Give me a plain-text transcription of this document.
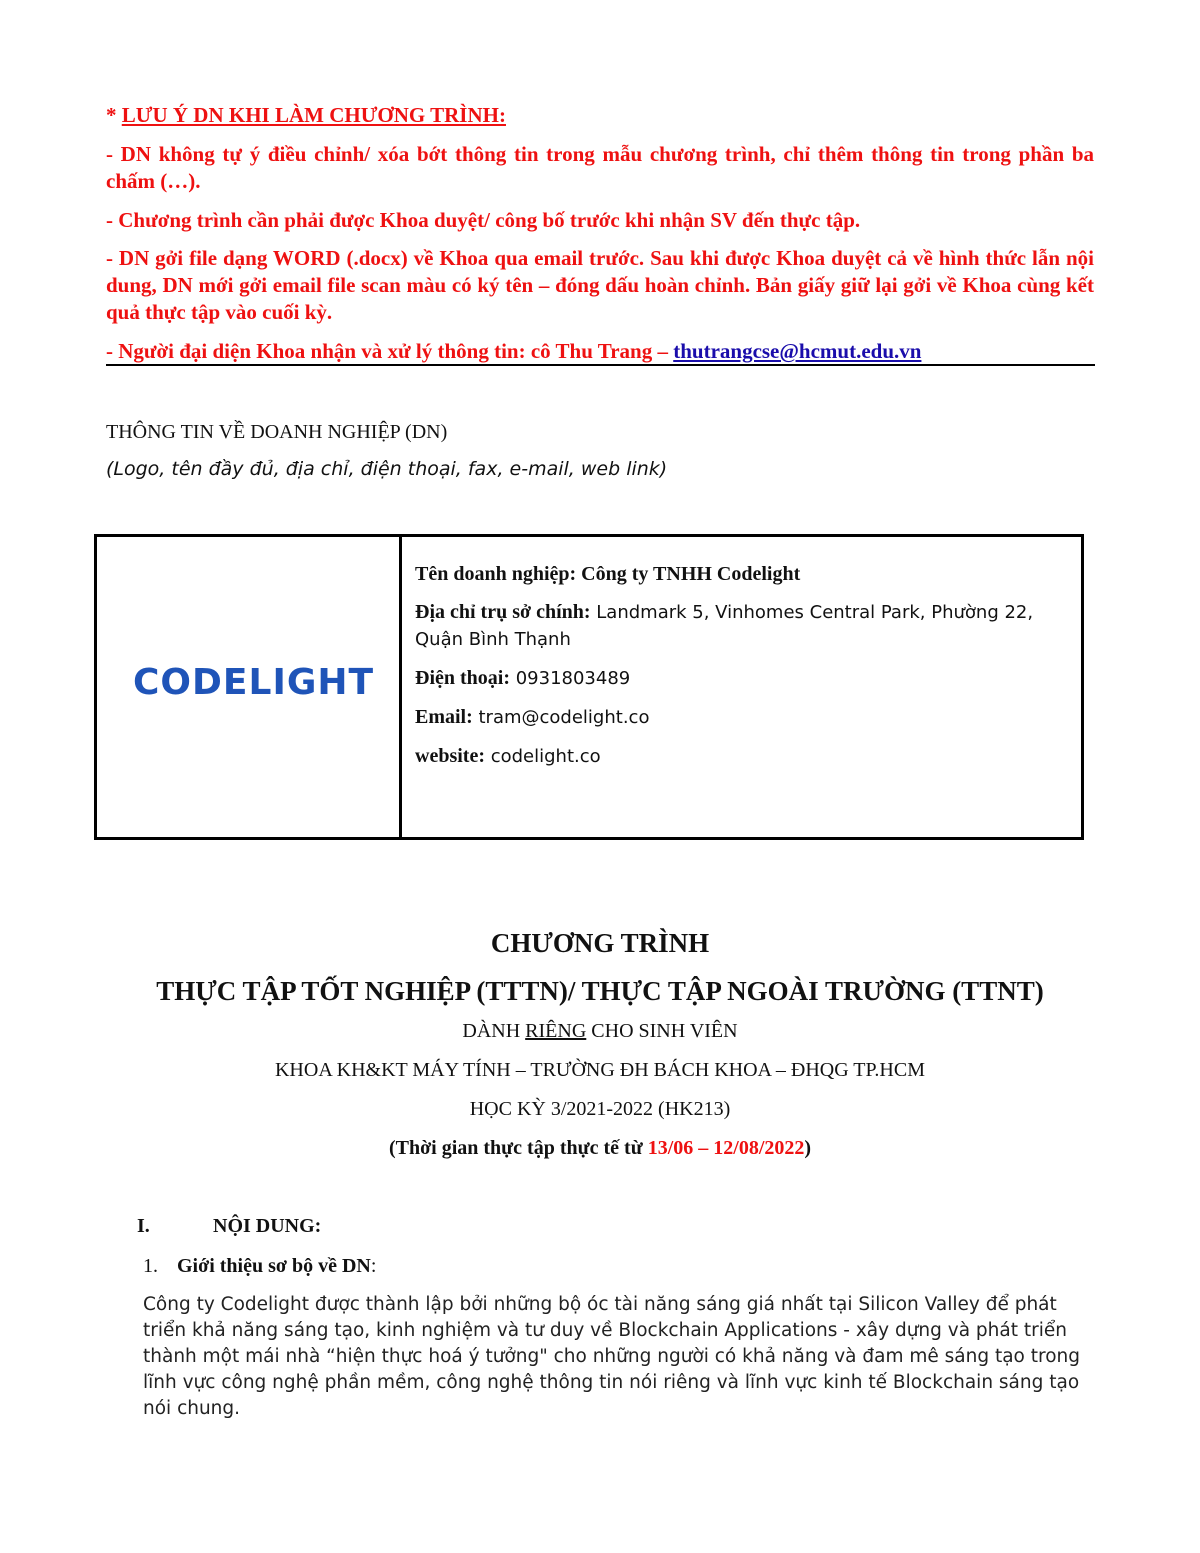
* LƯU Ý DN KHI LÀM CHƯƠNG TRÌNH:
- DN không tự ý điều chỉnh/ xóa bớt thông tin trong mẫu chương trình, chỉ thêm thông tin trong phần ba chấm (…).
- Chương trình cần phải được Khoa duyệt/ công bố trước khi nhận SV đến thực tập.
- DN gởi file dạng WORD (.docx) về Khoa qua email trước. Sau khi được Khoa duyệt cả về hình thức lẫn nội dung, DN mới gởi email file scan màu có ký tên – đóng dấu hoàn chỉnh. Bản giấy giữ lại gởi về Khoa cùng kết quả thực tập vào cuối kỳ.
- Người đại diện Khoa nhận và xử lý thông tin: cô Thu Trang – thutrangcse@hcmut.edu.vn
THÔNG TIN VỀ DOANH NGHIỆP (DN)
(Logo, tên đầy đủ, địa chỉ, điện thoại, fax, e-mail, web link)
CODELIGHT

Tên doanh nghiệp: Công ty TNHH Codelight

Địa chỉ trụ sở chính: Landmark 5, Vinhomes Central Park, Phường 22, Quận Bình Thạnh

Điện thoại: 0931803489

Email: tram@codelight.co

website: codelight.co

CHƯƠNG TRÌNH
THỰC TẬP TỐT NGHIỆP (TTTN)/ THỰC TẬP NGOÀI TRƯỜNG (TTNT)
DÀNH RIÊNG CHO SINH VIÊN
KHOA KH&KT MÁY TÍNH – TRƯỜNG ĐH BÁCH KHOA – ĐHQG TP.HCM
HỌC KỲ 3/2021-2022 (HK213)
(Thời gian thực tập thực tế từ 13/06 – 12/08/2022)
I.	NỘI DUNG:
1. Giới thiệu sơ bộ về DN:
Công ty Codelight được thành lập bởi những bộ óc tài năng sáng giá nhất tại Silicon Valley để phát triển khả năng sáng tạo, kinh nghiệm và tư duy về Blockchain Applications - xây dựng và phát triển thành một mái nhà “hiện thực hoá ý tưởng" cho những người có khả năng và đam mê sáng tạo trong lĩnh vực công nghệ phần mềm, công nghệ thông tin nói riêng và lĩnh vực kinh tế Blockchain sáng tạo nói chung.
